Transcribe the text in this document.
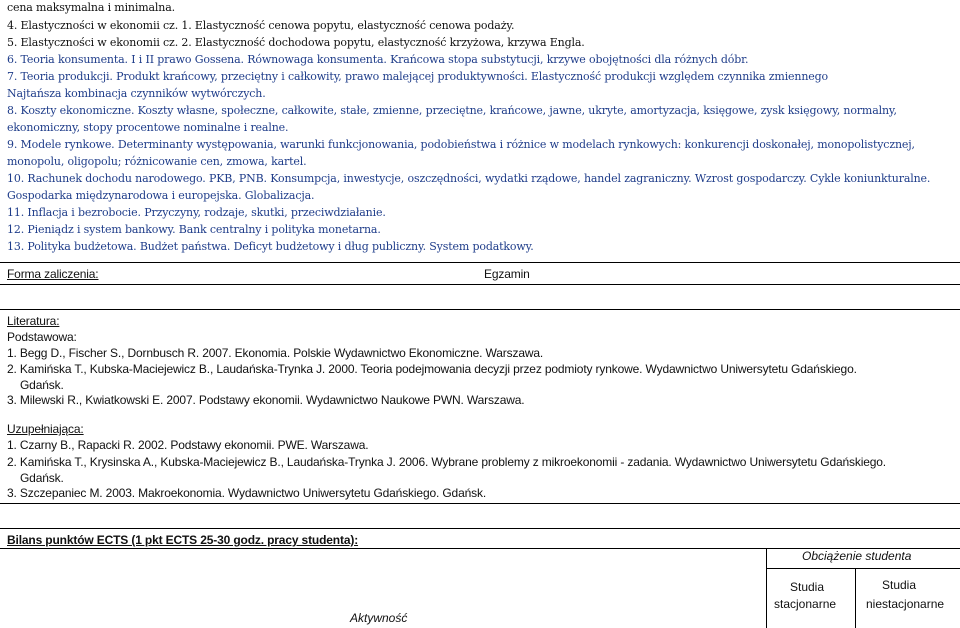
cena maksymalna i minimalna.
4. Elastyczności w ekonomii cz. 1. Elastyczność cenowa popytu, elastyczność cenowa podaży.
5. Elastyczności w ekonomii cz. 2. Elastyczność dochodowa popytu, elastyczność krzyżowa, krzywa Engla.
6. Teoria konsumenta. I i II prawo Gossena. Równowaga konsumenta. Krańcowa stopa substytucji, krzywe obojętności dla różnych dóbr.
7. Teoria produkcji. Produkt krańcowy, przeciętny i całkowity, prawo malejącej produktywności. Elastyczność produkcji względem czynnika zmiennego
Najtańsza kombinacja czynników wytwórczych.
8. Koszty ekonomiczne. Koszty własne, społeczne, całkowite, stałe, zmienne, przeciętne, krańcowe, jawne, ukryte, amortyzacja, księgowe, zysk księgowy, normalny,
ekonomiczny, stopy procentowe nominalne i realne.
9. Modele rynkowe. Determinanty występowania, warunki funkcjonowania, podobieństwa i różnice w modelach rynkowych: konkurencji doskonałej, monopolistycznej,
monopolu, oligopolu; różnicowanie cen, zmowa, kartel.
10. Rachunek dochodu narodowego. PKB, PNB. Konsumpcja, inwestycje, oszczędności, wydatki rządowe, handel zagraniczny. Wzrost gospodarczy. Cykle koniunkturalne.
Gospodarka międzynarodowa i europejska. Globalizacja.
11. Inflacja i bezrobocie. Przyczyny, rodzaje, skutki, przeciwdziałanie.
12. Pieniądz i system bankowy. Bank centralny i polityka monetarna.
13. Polityka budżetowa. Budżet państwa. Deficyt budżetowy i dług publiczny. System podatkowy.
Forma zaliczenia:	Egzamin
Literatura:
Podstawowa:
1. Begg D., Fischer S., Dornbusch R. 2007. Ekonomia. Polskie Wydawnictwo Ekonomiczne. Warszawa.
2. Kamińska T., Kubska-Maciejewicz B., Laudańska-Trynka J. 2000. Teoria podejmowania decyzji przez podmioty rynkowe. Wydawnictwo Uniwersytetu Gdańskiego.
Gdańsk.
3. Milewski R., Kwiatkowski E. 2007. Podstawy ekonomii. Wydawnictwo Naukowe PWN. Warszawa.
Uzupełniająca:
1. Czarny B., Rapacki R. 2002. Podstawy ekonomii. PWE. Warszawa.
2. Kamińska T., Krysinska A., Kubska-Maciejewicz B., Laudańska-Trynka J. 2006. Wybrane problemy z mikroekonomii - zadania. Wydawnictwo Uniwersytetu Gdańskiego.
Gdańsk.
3. Szczepaniec M. 2003. Makroekonomia. Wydawnictwo Uniwersytetu Gdańskiego. Gdańsk.
Bilans punktów ECTS (1 pkt ECTS 25-30 godz. pracy studenta):
Obciążenie studenta
Studia
stacjonarne
Studia
niestacjonarne
Aktywność
